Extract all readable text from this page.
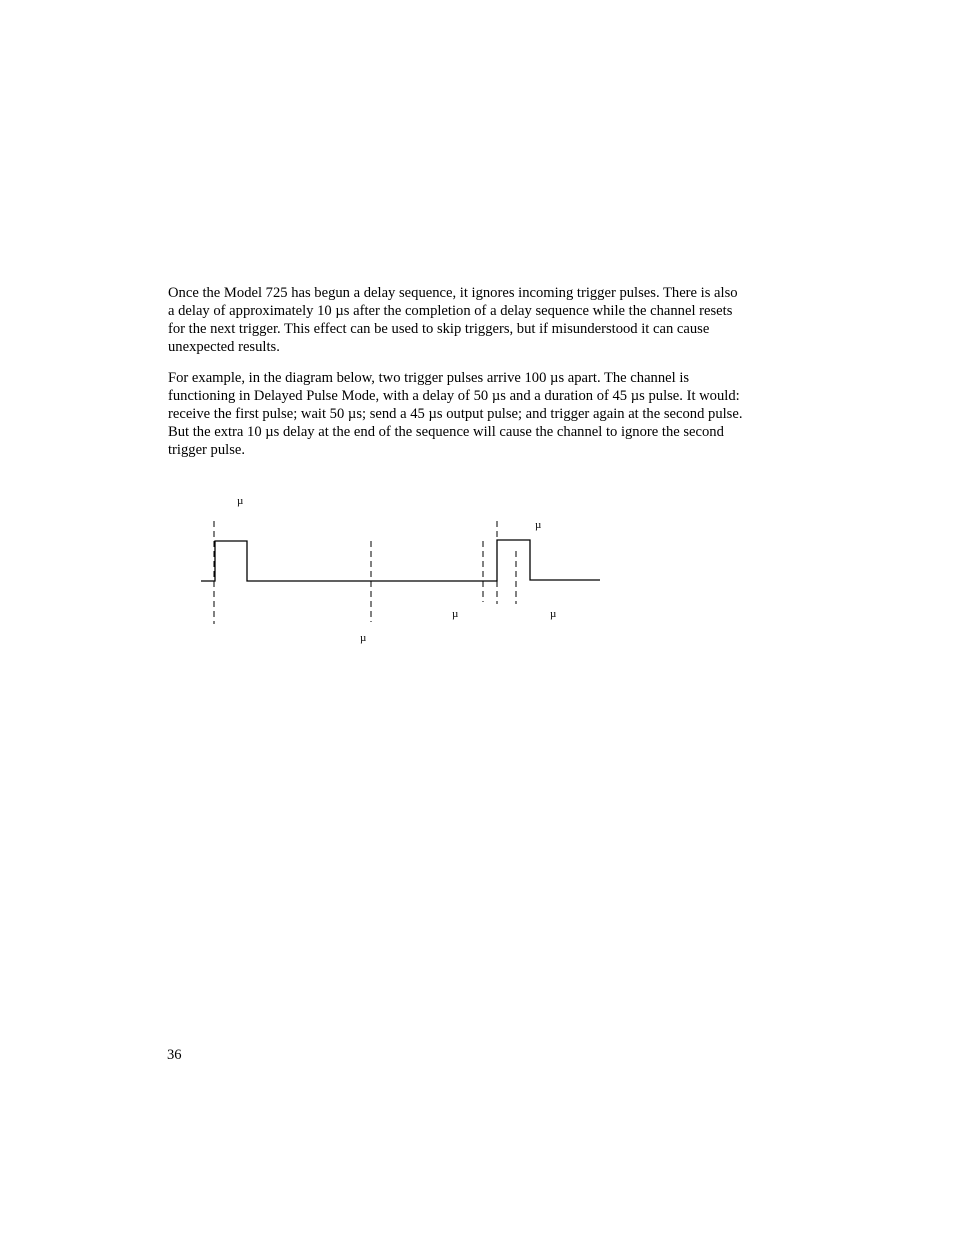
Once the Model 725 has begun a delay sequence, it ignores incoming trigger pulses. There is also
a delay of approximately 10 µs after the completion of a delay sequence while the channel resets
for the next trigger. This effect can be used to skip triggers, but if misunderstood it can cause
unexpected results.

For example, in the diagram below, two trigger pulses arrive 100 µs apart. The channel is
functioning in Delayed Pulse Mode, with a delay of 50 µs and a duration of 45 µs pulse. It would:
receive the first pulse; wait 50 µs; send a 45 µs output pulse; and trigger again at the second pulse.
But the extra 10 µs delay at the end of the sequence will cause the channel to ignore the second
trigger pulse.

µ
µ
µ	µ
µ
36
